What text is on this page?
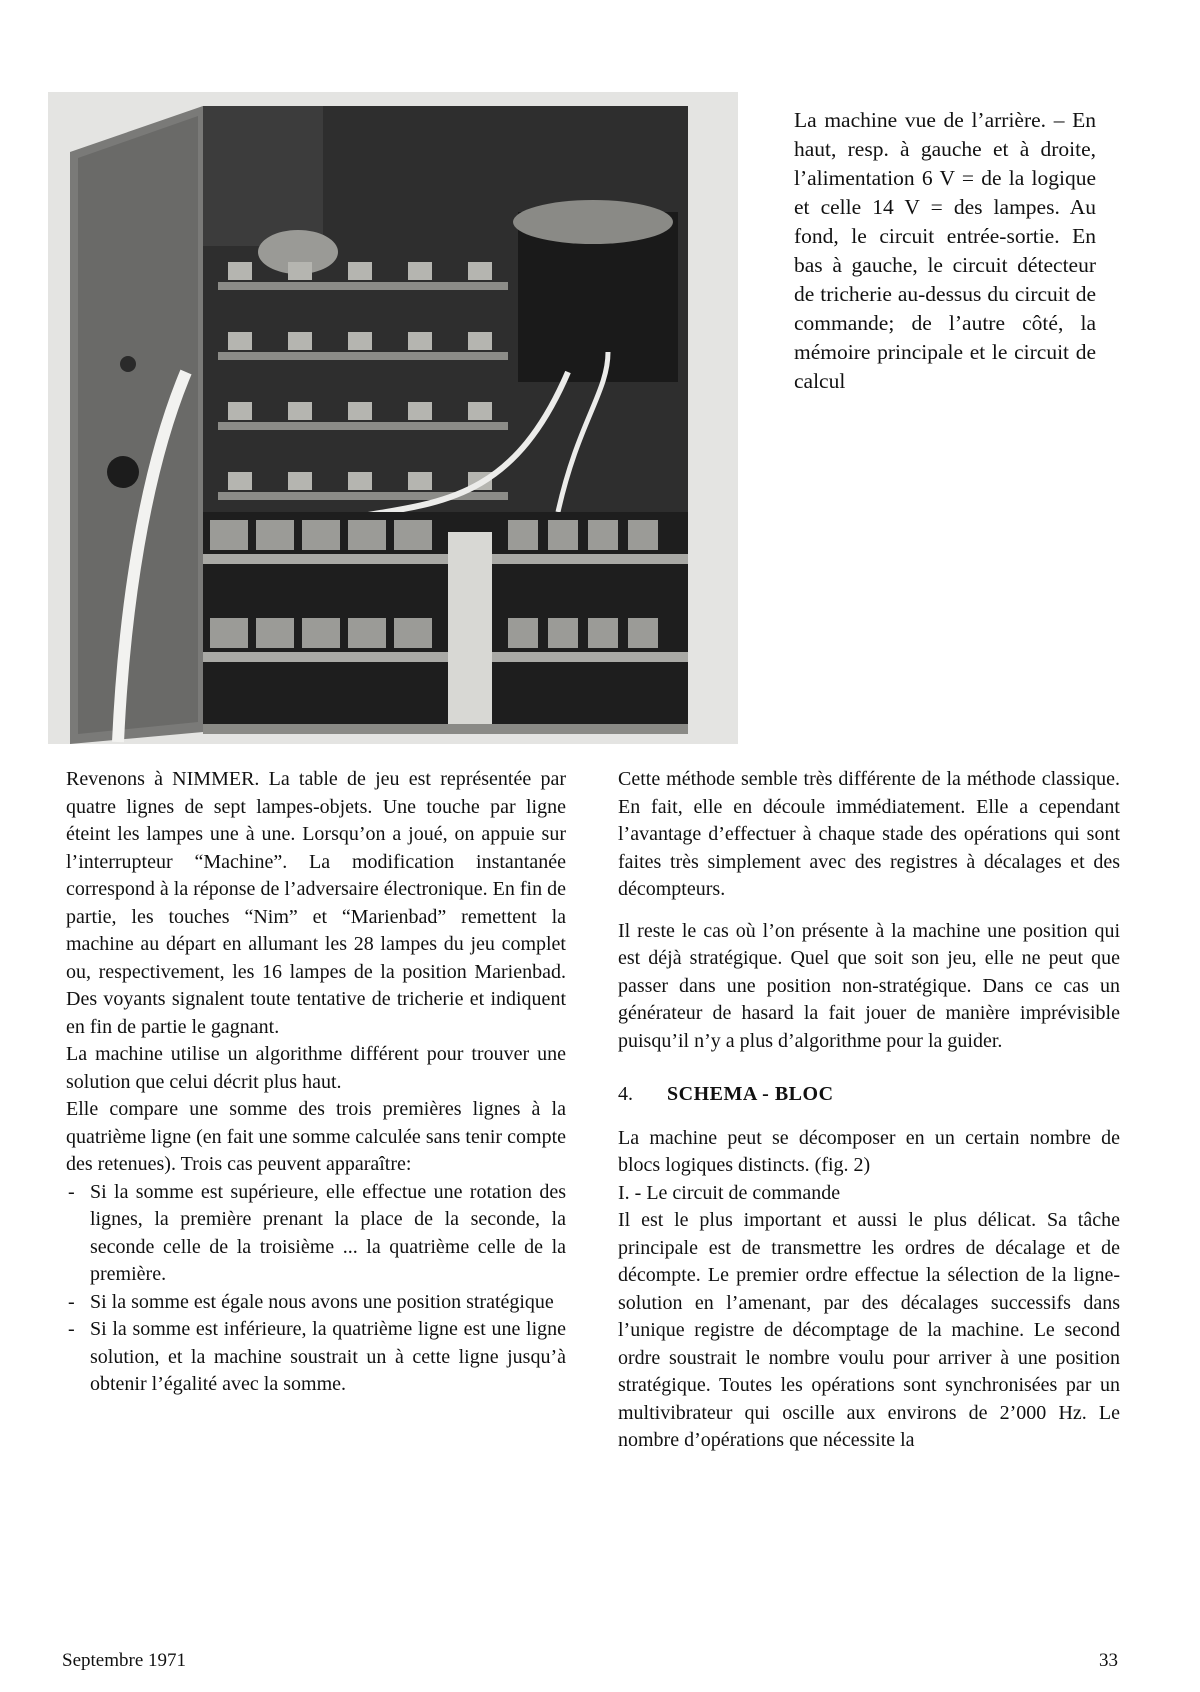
La machine vue de l’arrière. – En haut, resp. à gauche et à droite, l’alimentation 6 V = de la logique et celle 14 V = des lampes. Au fond, le circuit entrée-sortie. En bas à gauche, le circuit détecteur de tricherie au-dessus du circuit de commande; de l’autre côté, la mémoire principale et le circuit de calcul

Revenons à NIMMER. La table de jeu est représentée par quatre lignes de sept lampes-objets. Une touche par ligne éteint les lampes une à une. Lorsqu’on a joué, on appuie sur l’interrupteur “Machine”. La modification instantanée correspond à la réponse de l’adversaire électronique. En fin de partie, les touches “Nim” et “Marienbad” remettent la machine au départ en allumant les 28 lampes du jeu complet ou, respectivement, les 16 lampes de la position Marienbad. Des voyants signalent toute tentative de tricherie et indiquent en fin de partie le gagnant.

La machine utilise un algorithme différent pour trouver une solution que celui décrit plus haut.

Elle compare une somme des trois premières lignes à la quatrième ligne (en fait une somme calculée sans tenir compte des retenues). Trois cas peuvent apparaître:

- Si la somme est supérieure, elle effectue une rotation des lignes, la première prenant la place de la seconde, la seconde celle de la troisième ... la quatrième celle de la première.
- Si la somme est égale nous avons une position stratégique
- Si la somme est inférieure, la quatrième ligne est une ligne solution, et la machine soustrait un à cette ligne jusqu’à obtenir l’égalité avec la somme.

Cette méthode semble très différente de la méthode classique. En fait, elle en découle immédiatement. Elle a cependant l’avantage d’effectuer à chaque stade des opérations qui sont faites très simplement avec des registres à décalages et des décompteurs.

Il reste le cas où l’on présente à la machine une position qui est déjà stratégique. Quel que soit son jeu, elle ne peut que passer dans une position non-stratégique. Dans ce cas un générateur de hasard la fait jouer de manière imprévisible puisqu’il n’y a plus d’algorithme pour la guider.

4. SCHEMA - BLOC

La machine peut se décomposer en un certain nombre de blocs logiques distincts. (fig. 2)

I. - Le circuit de commande

Il est le plus important et aussi le plus délicat. Sa tâche principale est de transmettre les ordres de décalage et de décompte. Le premier ordre effectue la sélection de la ligne-solution en l’amenant, par des décalages successifs dans l’unique registre de décomptage de la machine. Le second ordre soustrait le nombre voulu pour arriver à une position stratégique. Toutes les opérations sont synchronisées par un multivibrateur qui oscille aux environs de 2’000 Hz. Le nombre d’opérations que nécessite la

Septembre 1971	33
